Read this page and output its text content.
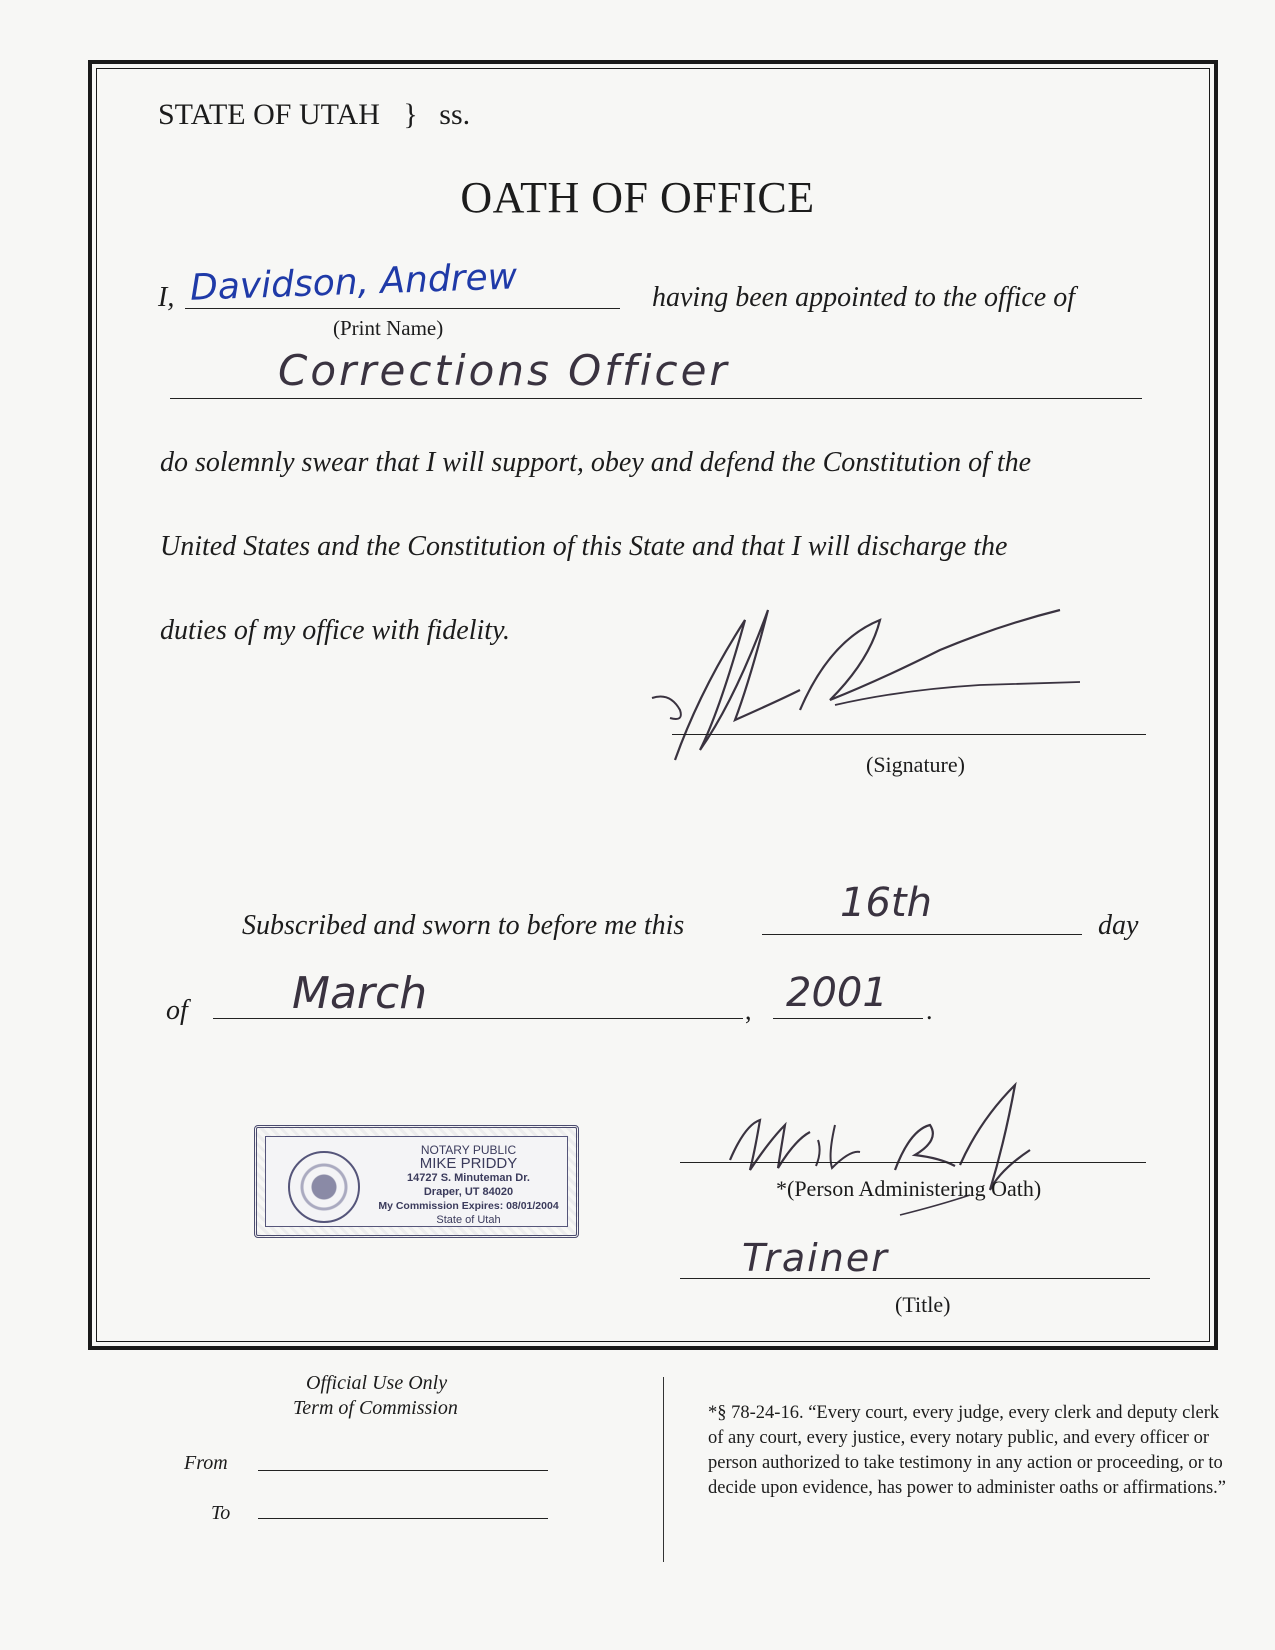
STATE OF UTAH } ss.
OATH OF OFFICE
I, Davidson, Andrew
(Print Name)
having been appointed to the office of
Corrections Officer
do solemnly swear that I will support, obey and defend the Constitution of the
United States and the Constitution of this State and that I will discharge the
duties of my office with fidelity.
(Signature)
Subscribed and sworn to before me this	16th	day
of March	, 2001 .
NOTARY PUBLIC
MIKE PRIDDY
14727 S. Minuteman Dr.
Draper, UT 84020
My Commission Expires: 08/01/2004
State of Utah
*(Person Administering Oath)
Trainer
(Title)
Official Use Only
Term of Commission
From
To

*§ 78-24-16. “Every court, every judge, every clerk and deputy clerk of any court, every justice, every notary public, and every officer or person authorized to take testimony in any action or proceeding, or to decide upon evidence, has power to administer oaths or affirmations.”
